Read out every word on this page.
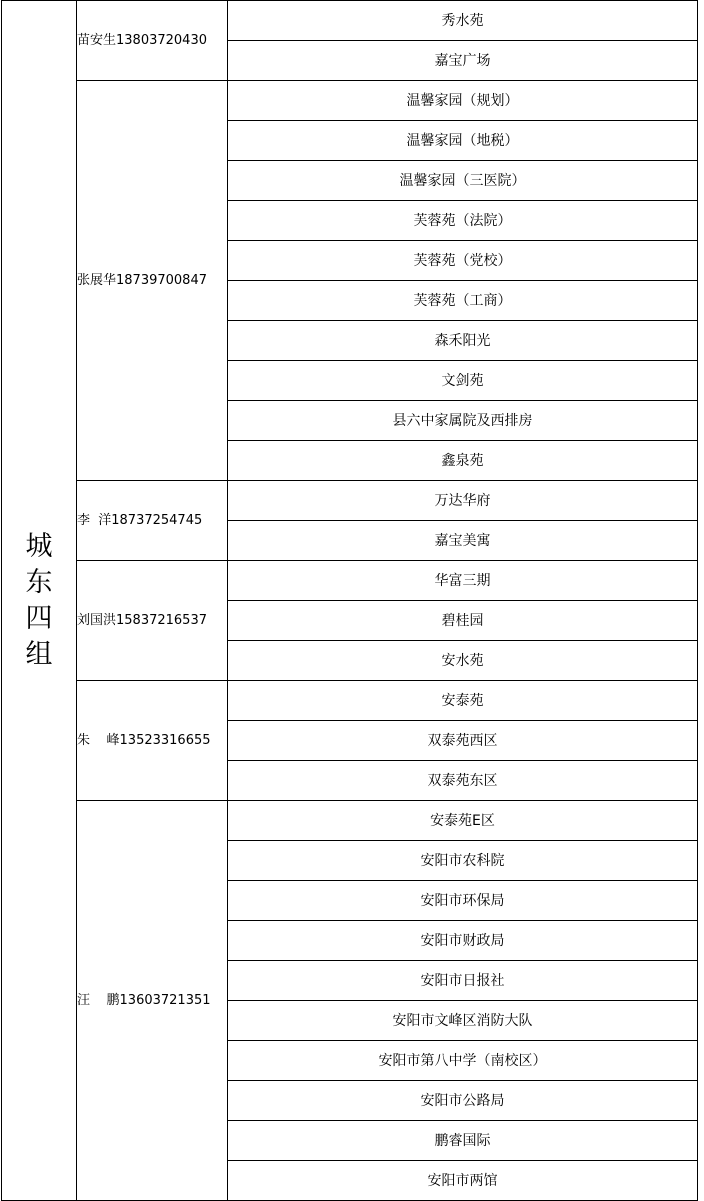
城东四组	苗安生13803720430	秀水苑
		嘉宝广场
	张展华18739700847	温馨家园（规划）
		温馨家园（地税）
		温馨家园（三医院）
		芙蓉苑（法院）
		芙蓉苑（党校）
		芙蓉苑（工商）
		森禾阳光
		文剑苑
		县六中家属院及西排房
		鑫泉苑
	李  洋18737254745	万达华府
		嘉宝美寓
	刘国洪15837216537	华富三期
		碧桂园
		安水苑
	朱    峰13523316655	安泰苑
		双泰苑西区
		双泰苑东区
	汪    鹏13603721351	安泰苑E区
		安阳市农科院
		安阳市环保局
		安阳市财政局
		安阳市日报社
		安阳市文峰区消防大队
		安阳市第八中学（南校区）
		安阳市公路局
		鹏睿国际
		安阳市两馆
